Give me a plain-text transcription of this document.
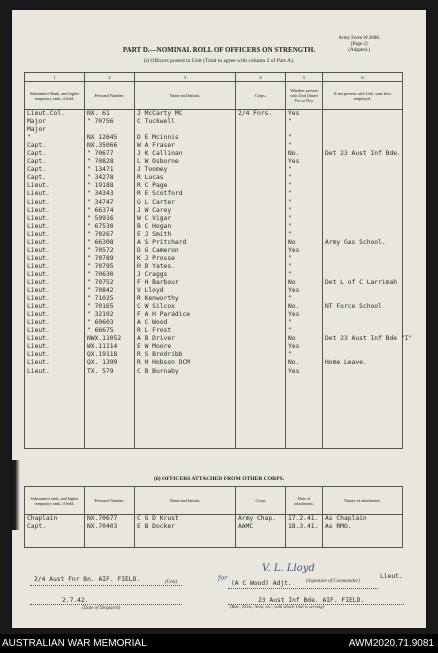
Army Form W.3008.
(Page 2)
(Adapted.)
PART D.—NOMINAL ROLL OF OFFICERS ON STRENGTH.
(i) Officers posted to Unit (Total to agree with column 2 of Part A).
1	2	3	4	5	6
Substantive Rank, and higher temporary rank, if held.	Personal Number.	Name and Initials.	Corps.	Whether present with Unit (Insert Yes or No).	If not present with Unit, state how employed.
Lieut.Col.	NX. 61	J McCarty MC	2/4 Fnrs.	Yes	
Major	" 70756	C Tuckwell		"	
Major					
"	NX 12645	D E Mcinnis		"	
Capt.	NX.35066	W A Fraser		"	
Capt.	" 70677	J K Callinan		No.	Det 23 Aust Inf Bde.
Capt.	" 70828	L W Osborne		Yes	
Capt.	" 13471	J Toomey		"	
Capt.	" 34278	R Lucas		"	
Lieut.	" 19188	R C Page		"	
Lieut.	" 34343	R E Scotford		"	
Lieut.	" 34747	G L Carter		"	
Lieut.	" 66374	J W Carey		"	
Lieut.	" 59916	W C Vigar		"	
Lieut.	" 67530	B C Hogan		"	
Lieut.	" 70267	E J Smith		"	
Lieut.	" 66308	A S Pritchard		No	Army Gas School.
Lieut.	" 70572	D G Cameron		Yes	
Lieut.	" 70789	K J Prosse		"	
Lieut.	" 70795	H D Yates.		"	
Lieut.	" 70630	J Craggs		"	
Lieut.	" 70752	F H Barbour		No	Det L of C Larrimah
Lieut.	" 70842	V Lloyd		Yes	
Lieut.	" 71025	R Kenworthy		"	
Lieut.	" 70165	C W Silcox		No.	NT Force School
Lieut.	" 32102	F A H Paradice		Yes	
Lieut.	" 60603	A C Wood		"	
Lieut.	" 66675	R L Frost		"	
Lieut.	NWX.11052	A B Driver		No	Det 23 Aust Inf Bde "I"
Lieut.	WX.11114	E W Moore		Yes	
Lieut.	QX.19118	R S Brodribb		"	
Lieut.	QX. 1399	R H Hobson DCM		No.	Home Leave.
Lieut.	TX. 579	C B Burnaby		Yes	

(ii) OFFICERS ATTACHED FROM OTHER CORPS.
Substantive rank, and higher temporary rank, if held.	Personal Number.	Name and Initials.	Corps	Date of attachment.	Nature of attachment.
Chaplain	NX.70677	C G D Krust	Army Chap.	17.2.41.	As Chaplain
Capt.	NX.70403	E B Docker	AAMC	18.3.41.	As RMO.

2/4 Aust Fnr Bn. AIF. FIELD.	(Unit)
for
V. L. Lloyd
(A C Wood) Adjt.
Lieut.
(Signature of Commander)
2.7.42.
(Date of Despatch)
23 Aust Inf Bde. AIF. FIELD.
(Bde., Divn., Area, etc., with which Unit is serving)
AUSTRALIAN WAR MEMORIAL	AWM2020.71.9081
